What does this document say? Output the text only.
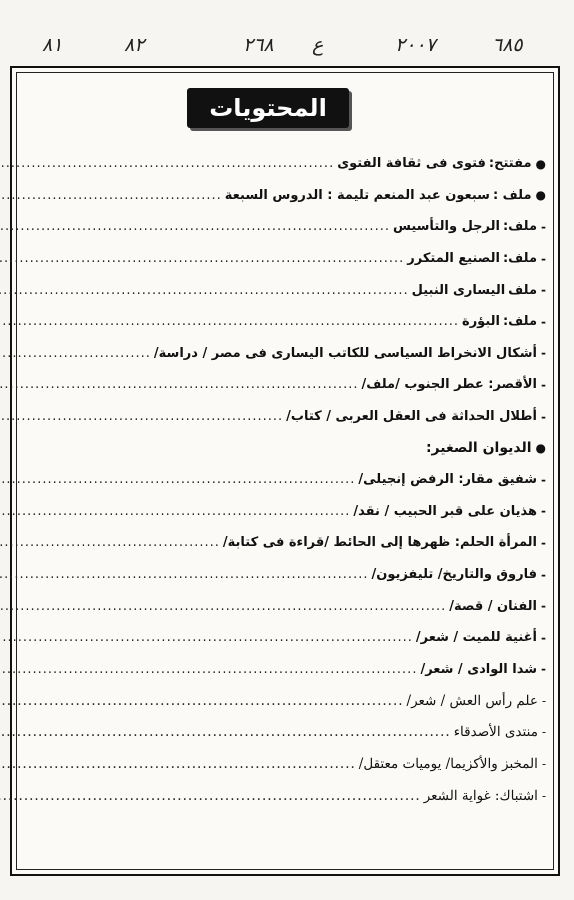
٦٨٥
٢٠٠٧
ع
٢٦٨
٨٢
٨١
المحتويات
●
مفتتح:
فتوى فى ثقافة الفتوى
.....
●
ملف :
سبعون عبد المنعم تليمة : الدروس السبعة
.....
-
ملف:
الرجل والتأسيس
.....
-
ملف:
الصنيع المتكرر
.....
-
ملف
اليسارى النبيل
.....
-
ملف:
البؤرة
.....
-
أشكال الانخراط السياسى للكاتب اليسارى فى مصر / دراسة/
.....
-
الأقصر: عطر الجنوب /ملف/
.....
-
أطلال الحداثة فى العقل العربى / كتاب/
.....
●
الديوان الصغير:
-
شفيق مقار: الرفض إنجيلى/
.....
-
هذيان على قبر الحبيب / نقد/
.....
-
المرأة الحلم: ظهرها إلى الحائط /قراءة فى كتابة/
.....
-
فاروق والتاريخ/ تليفزيون/
.....
-
الفنان / قصة/
.....
-
أغنية للميت / شعر/
.....
-
شدا الوادى / شعر/
.....
-
علم رأس العش / شعر/
.....
-
منتدى الأصدقاء
.....
-
المخبز والأكزيما/ يوميات معتقل/
.....
-
اشتباك: غواية الشعر
.....
